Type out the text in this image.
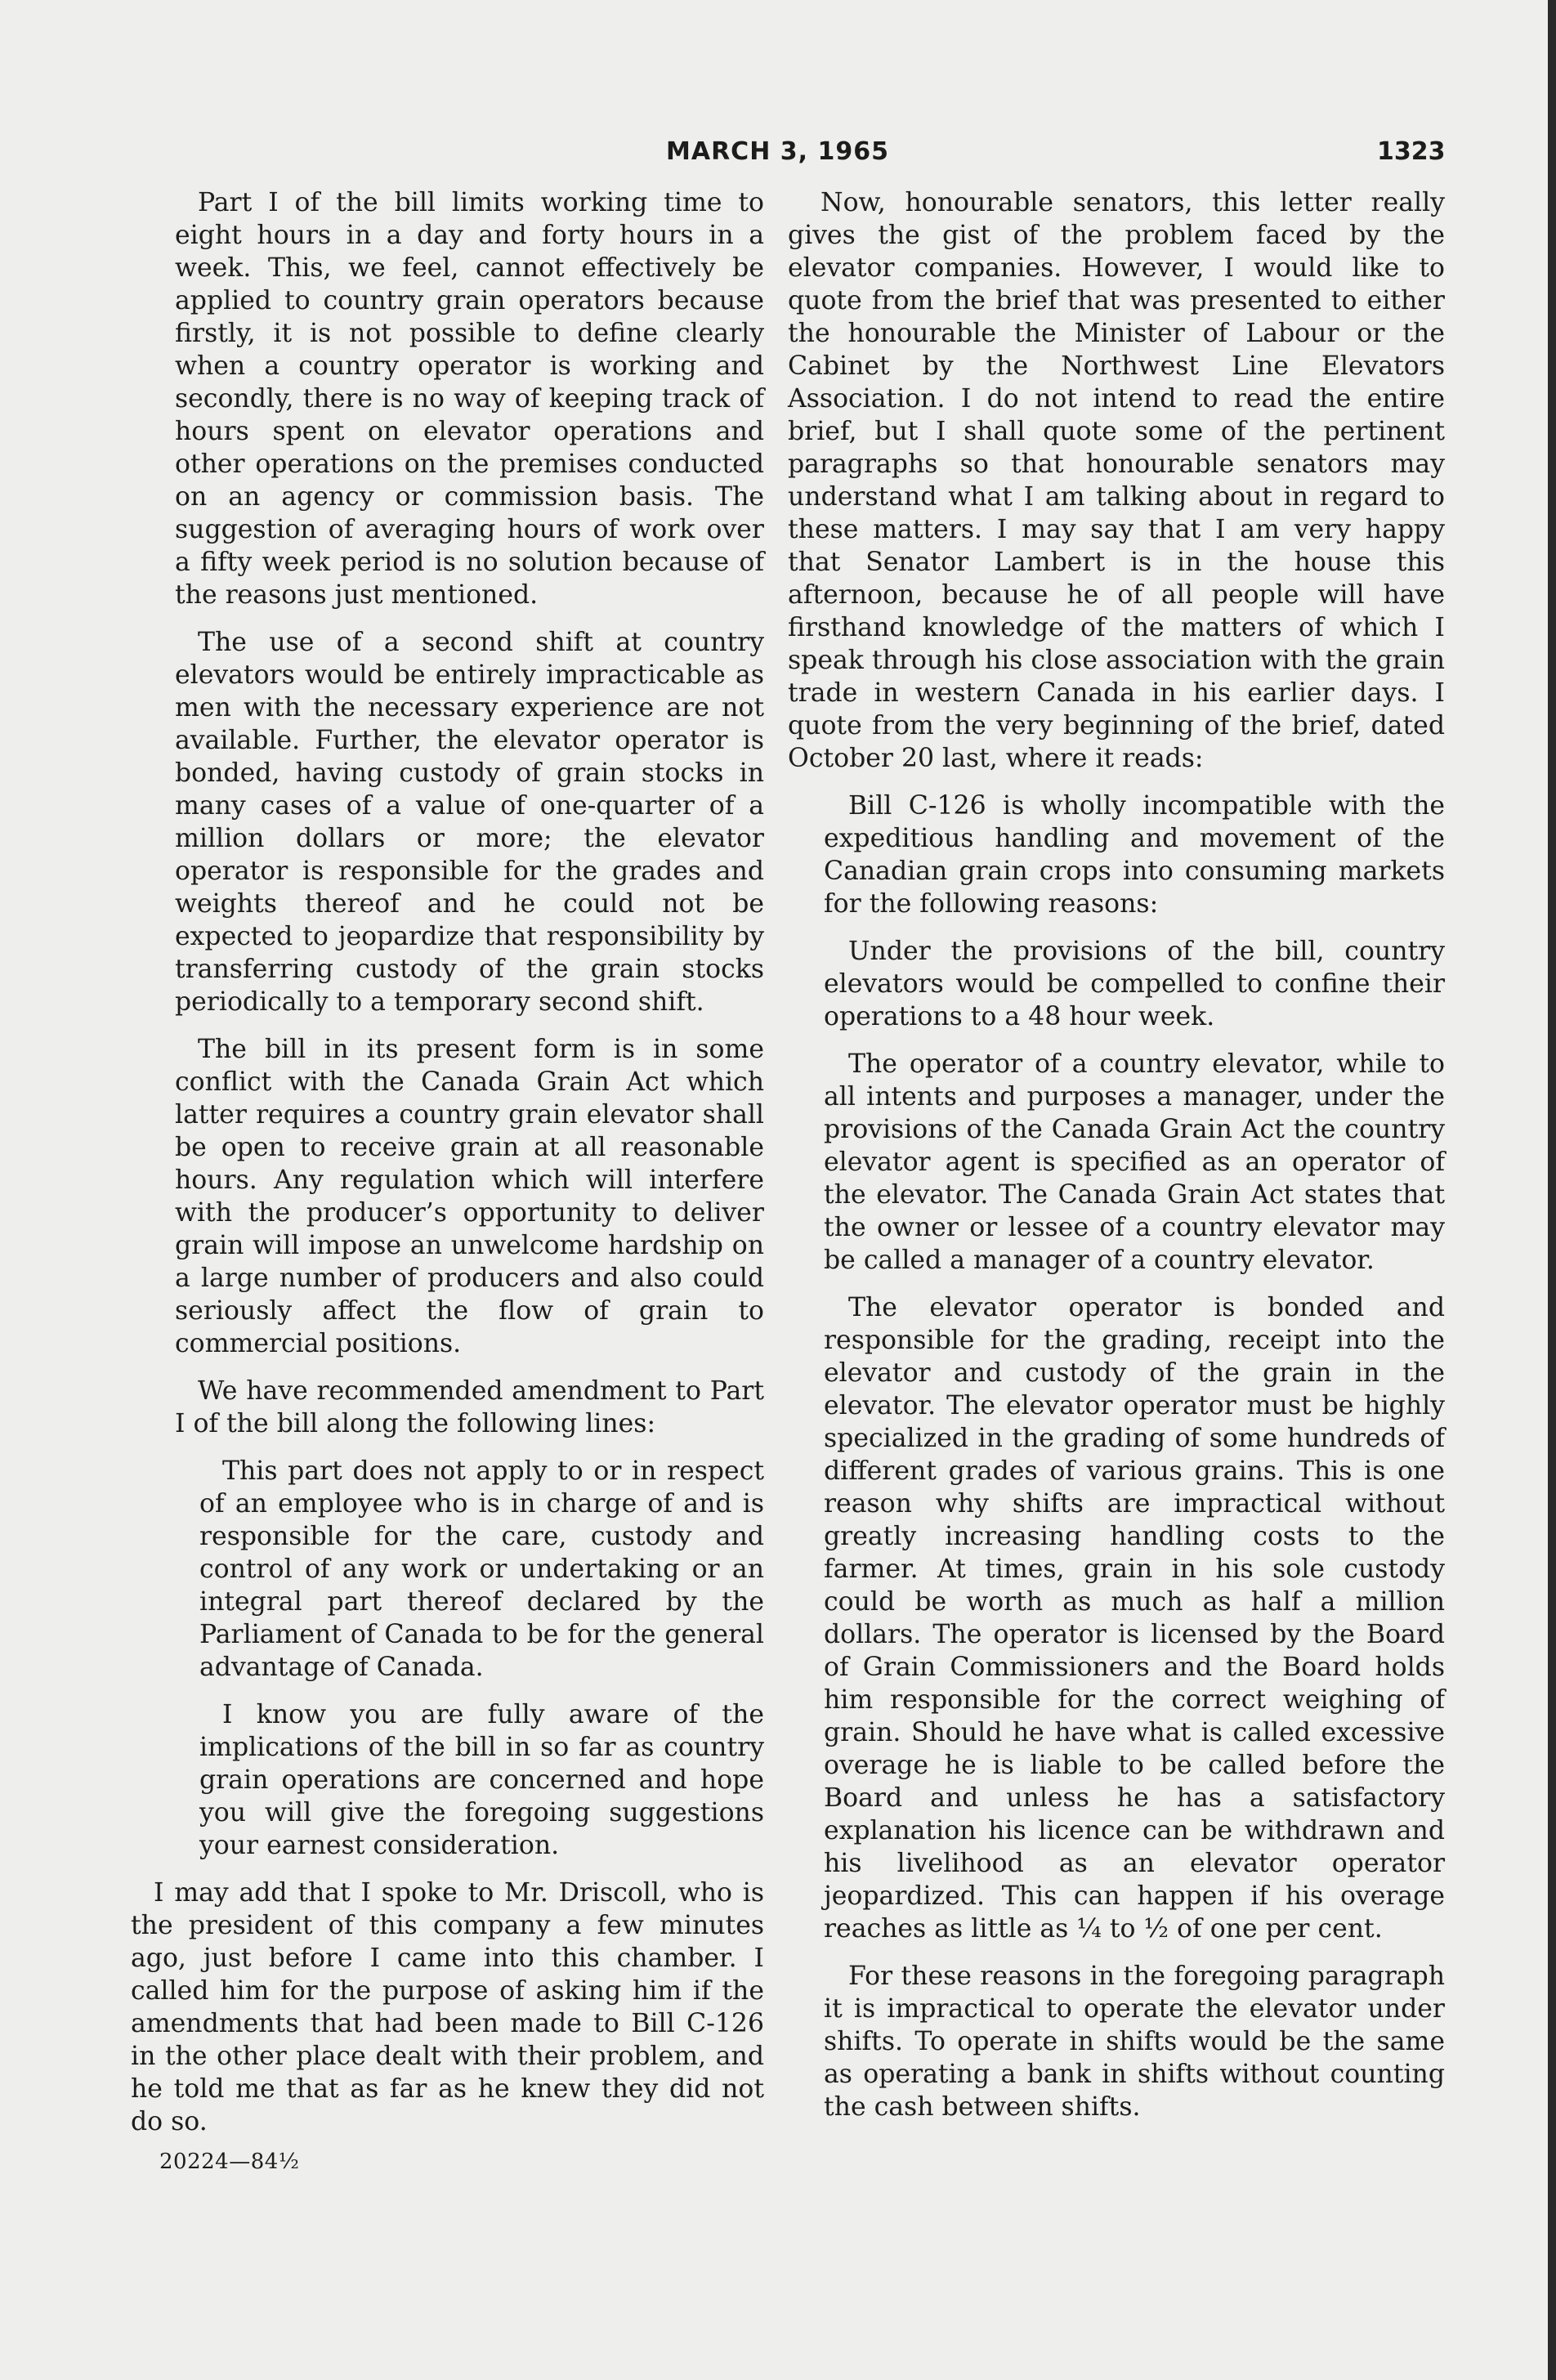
MARCH 3, 1965	1323

Part I of the bill limits working time to eight hours in a day and forty hours in a week. This, we feel, cannot effectively be applied to country grain operators because firstly, it is not possible to define clearly when a country operator is working and secondly, there is no way of keeping track of hours spent on elevator operations and other operations on the premises conducted on an agency or commission basis. The suggestion of averaging hours of work over a fifty week period is no solution because of the reasons just mentioned.

The use of a second shift at country elevators would be entirely impracticable as men with the necessary experience are not available. Further, the elevator operator is bonded, having custody of grain stocks in many cases of a value of one-quarter of a million dollars or more; the elevator operator is responsible for the grades and weights thereof and he could not be expected to jeopardize that responsibility by transferring custody of the grain stocks periodically to a temporary second shift.

The bill in its present form is in some conflict with the Canada Grain Act which latter requires a country grain elevator shall be open to receive grain at all reasonable hours. Any regulation which will interfere with the producer’s opportunity to deliver grain will impose an unwelcome hardship on a large number of producers and also could seriously affect the flow of grain to commercial positions.

We have recommended amendment to Part I of the bill along the following lines:

This part does not apply to or in respect of an employee who is in charge of and is responsible for the care, custody and control of any work or undertaking or an integral part thereof declared by the Parliament of Canada to be for the general advantage of Canada.

I know you are fully aware of the implications of the bill in so far as country grain operations are concerned and hope you will give the foregoing suggestions your earnest consideration.

I may add that I spoke to Mr. Driscoll, who is the president of this company a few minutes ago, just before I came into this chamber. I called him for the purpose of asking him if the amendments that had been made to Bill C-126 in the other place dealt with their problem, and he told me that as far as he knew they did not do so.

Now, honourable senators, this letter really gives the gist of the problem faced by the elevator companies. However, I would like to quote from the brief that was presented to either the honourable the Minister of Labour or the Cabinet by the Northwest Line Elevators Association. I do not intend to read the entire brief, but I shall quote some of the pertinent paragraphs so that honourable senators may understand what I am talking about in regard to these matters. I may say that I am very happy that Senator Lambert is in the house this afternoon, because he of all people will have firsthand knowledge of the matters of which I speak through his close association with the grain trade in western Canada in his earlier days. I quote from the very beginning of the brief, dated October 20 last, where it reads:

Bill C-126 is wholly incompatible with the expeditious handling and movement of the Canadian grain crops into consuming markets for the following reasons:

Under the provisions of the bill, country elevators would be compelled to confine their operations to a 48 hour week.

The operator of a country elevator, while to all intents and purposes a manager, under the provisions of the Canada Grain Act the country elevator agent is specified as an operator of the elevator. The Canada Grain Act states that the owner or lessee of a country elevator may be called a manager of a country elevator.

The elevator operator is bonded and responsible for the grading, receipt into the elevator and custody of the grain in the elevator. The elevator operator must be highly specialized in the grading of some hundreds of different grades of various grains. This is one reason why shifts are impractical without greatly increasing handling costs to the farmer. At times, grain in his sole custody could be worth as much as half a million dollars. The operator is licensed by the Board of Grain Commissioners and the Board holds him responsible for the correct weighing of grain. Should he have what is called excessive overage he is liable to be called before the Board and unless he has a satisfactory explanation his licence can be withdrawn and his livelihood as an elevator operator jeopardized. This can happen if his overage reaches as little as ¼ to ½ of one per cent.

For these reasons in the foregoing paragraph it is impractical to operate the elevator under shifts. To operate in shifts would be the same as operating a bank in shifts without counting the cash between shifts.

20224—84½
